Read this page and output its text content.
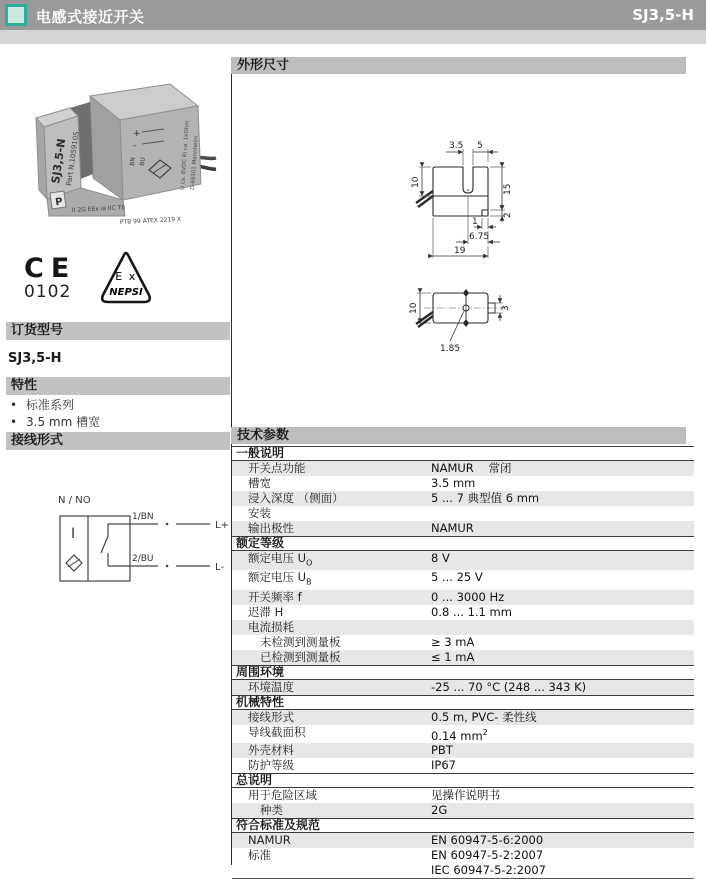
电感式接近开关	SJ3,5-H
SJ3,5-N
Part N.105910S	+
-
BN BU	U ca. 8VDC Ri ca. 1kOhm D-68301 Mannheim
PTB 99 ATEX 2219 X
II 2G EEx ia IIC T6
P
CE
0102
E x
NEPSI
订货型号
SJ3,5-H
特性
• 标准系列
• 3.5 mm 槽宽
接线形式
N / NO
I
1/BN
2/BU
L+
L-
外形尺寸
3.5 5
10
15
2
1
6.75
19
3
10
1.85
技术参数
一般说明
开关点功能	NAMUR    常闭
槽宽	3.5 mm
浸入深度 （侧面）	5 ... 7 典型值 6 mm
安装
输出极性	NAMUR
额定等级
额定电压 $U_O$	8 V
额定电压 $U_B$	5 ... 25 V
开关频率 f	0 ... 3000 Hz
迟滞 H	0.8 ... 1.1 mm
电流损耗
未检测到测量板	≥ 3 mA
已检测到测量板	≤ 1 mA
周围环境
环境温度	-25 ... 70 °C (248 ... 343 K)
机械特性
接线形式	0.5 m, PVC- 柔性线
导线截面积	0.14 $mm^2$
外壳材料	PBT
防护等级	IP67
总说明
用于危险区域	见操作说明书
种类	2G
符合标准及规范
NAMUR	EN 60947-5-6:2000
标准	EN 60947-5-2:2007
IEC 60947-5-2:2007
